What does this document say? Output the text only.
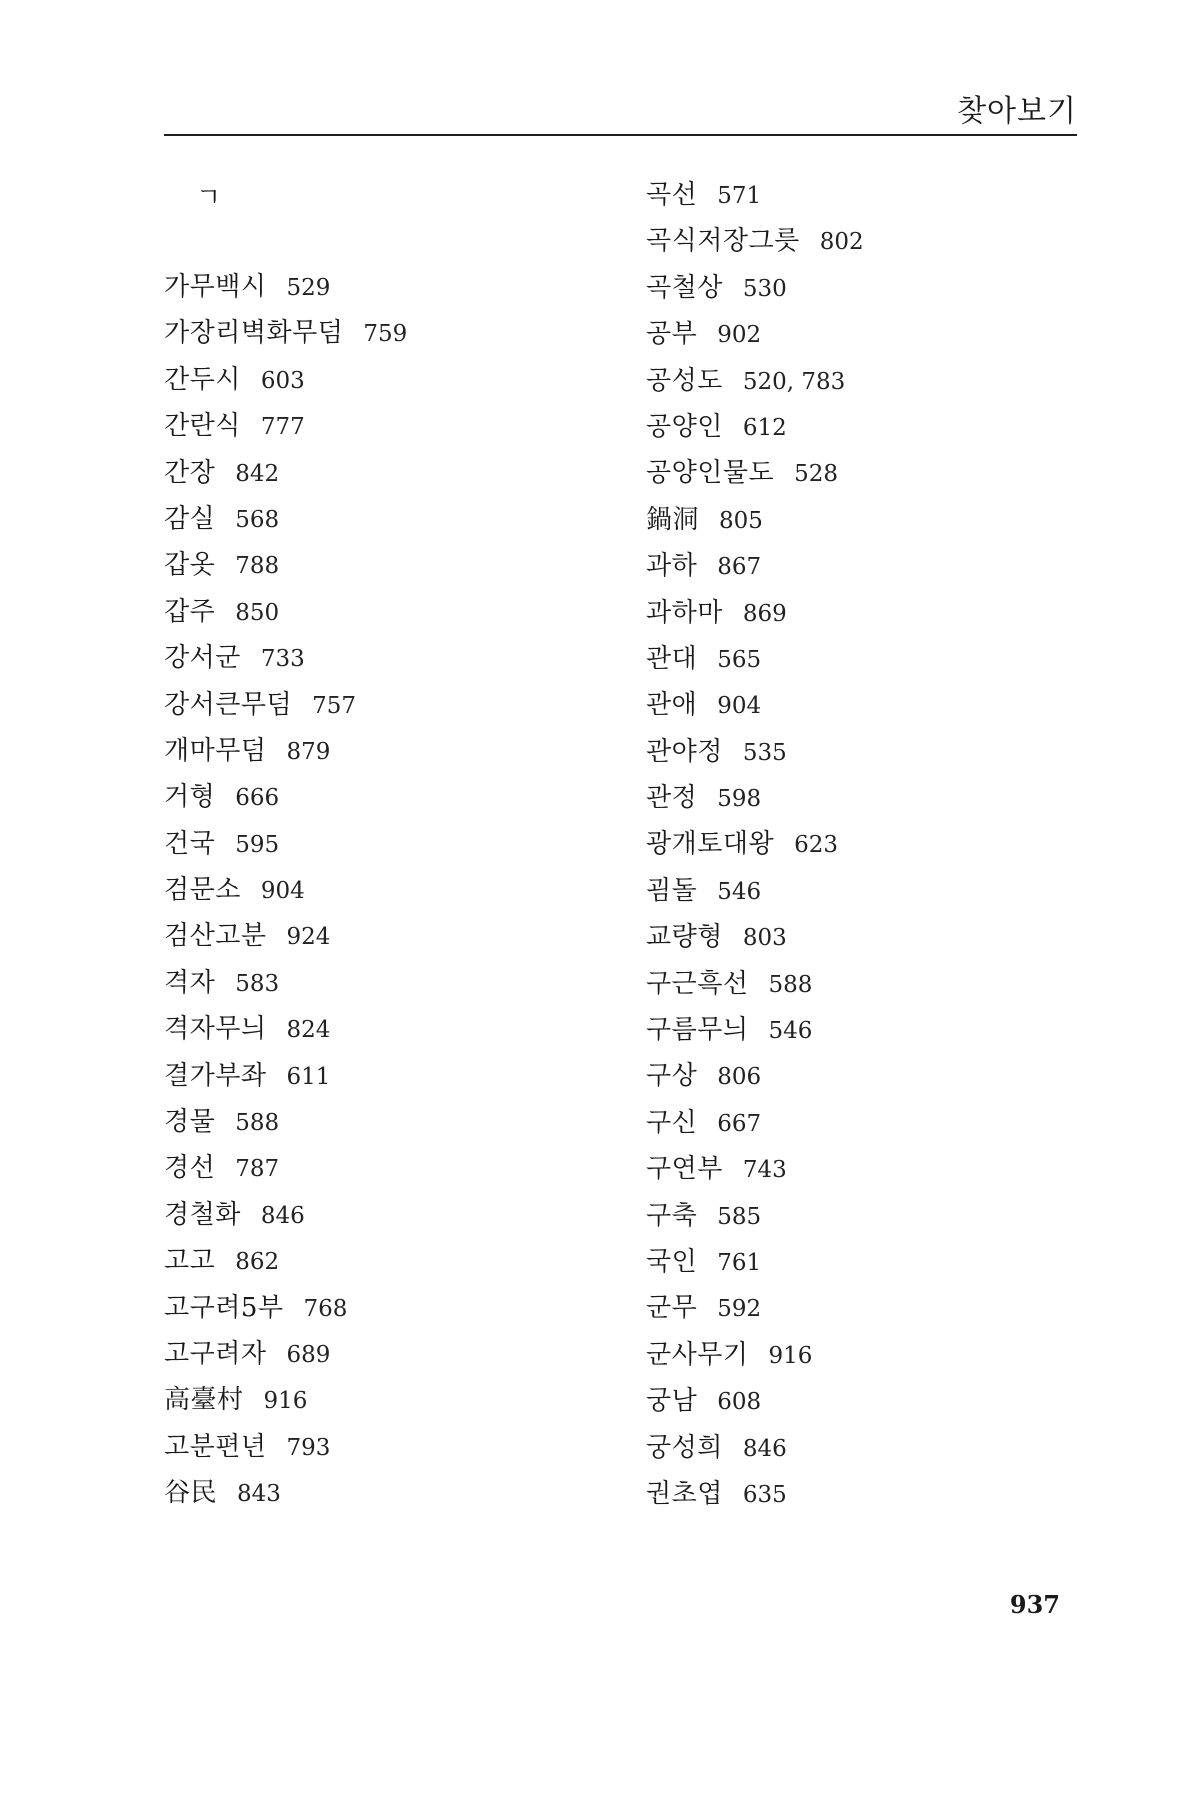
찾아보기
ㄱ
가무백시 529
가장리벽화무덤 759
간두시 603
간란식 777
간장 842
감실 568
갑옷 788
갑주 850
강서군 733
강서큰무덤 757
개마무덤 879
거형 666
건국 595
검문소 904
검산고분 924
격자 583
격자무늬 824
결가부좌 611
경물 588
경선 787
경철화 846
고고 862
고구려5부 768
고구려자 689
高臺村 916
고분편년 793
谷民 843
곡선 571
곡식저장그릇 802
곡철상 530
공부 902
공성도 520, 783
공양인 612
공양인물도 528
鍋洞 805
과하 867
과하마 869
관대 565
관애 904
관야정 535
관정 598
광개토대왕 623
굄돌 546
교량형 803
구근흑선 588
구름무늬 546
구상 806
구신 667
구연부 743
구축 585
국인 761
군무 592
군사무기 916
궁남 608
궁성희 846
권초엽 635
937
